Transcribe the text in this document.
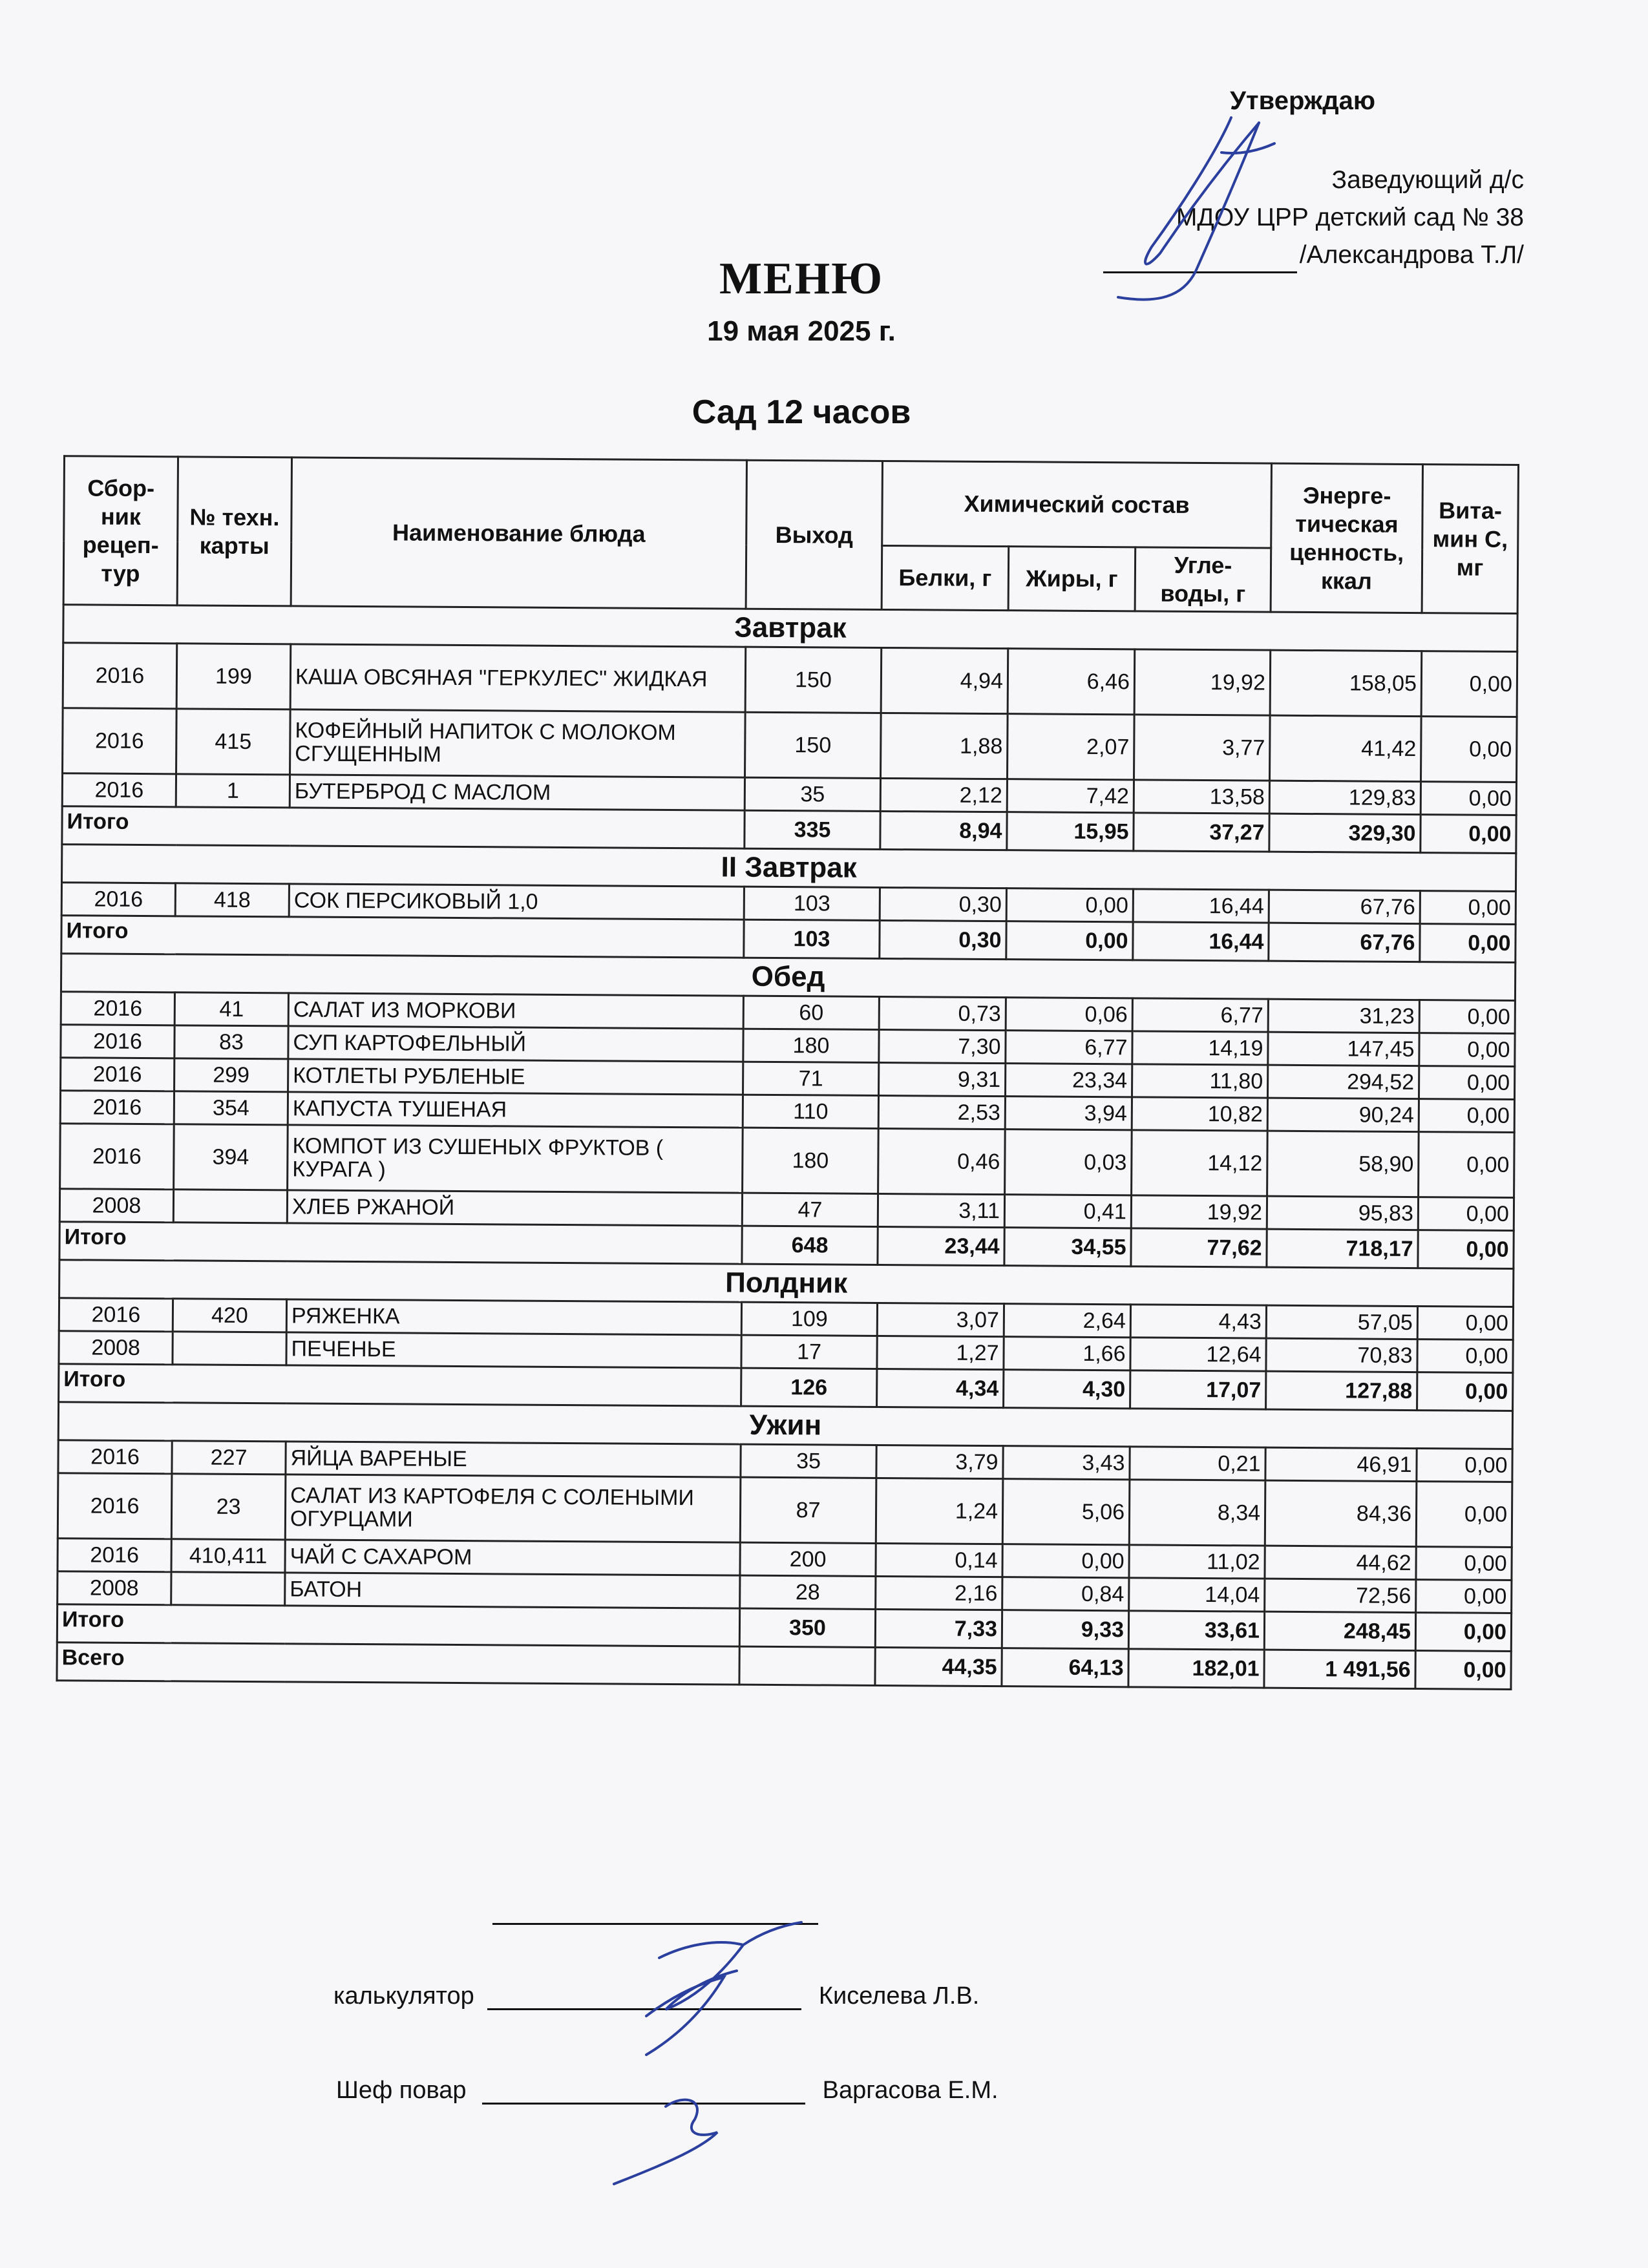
Утверждаю
Заведующий д/с
МДОУ ЦРР детский сад № 38
/Александрова Т.Л/
МЕНЮ
19 мая 2025 г.
Сад 12 часов
Сбор-ник рецеп-тур	№ техн. карты	Наименование блюда	Выход	Химический состав			Энерге-тическая ценность, ккал	Вита-мин С, мг
				Белки, г	Жиры, г	Угле-воды, г		
Завтрак								
2016	199	КАША ОВСЯНАЯ "ГЕРКУЛЕС" ЖИДКАЯ	150	4,94	6,46	19,92	158,05	0,00
2016	415	КОФЕЙНЫЙ НАПИТОК С МОЛОКОМ СГУЩЕННЫМ	150	1,88	2,07	3,77	41,42	0,00
2016	1	БУТЕРБРОД С МАСЛОМ	35	2,12	7,42	13,58	129,83	0,00
Итого			335	8,94	15,95	37,27	329,30	0,00
II Завтрак								
2016	418	СОК ПЕРСИКОВЫЙ 1,0	103	0,30	0,00	16,44	67,76	0,00
Итого			103	0,30	0,00	16,44	67,76	0,00
Обед								
2016	41	САЛАТ ИЗ МОРКОВИ	60	0,73	0,06	6,77	31,23	0,00
2016	83	СУП КАРТОФЕЛЬНЫЙ	180	7,30	6,77	14,19	147,45	0,00
2016	299	КОТЛЕТЫ РУБЛЕНЫЕ	71	9,31	23,34	11,80	294,52	0,00
2016	354	КАПУСТА ТУШЕНАЯ	110	2,53	3,94	10,82	90,24	0,00
2016	394	КОМПОТ ИЗ СУШЕНЫХ ФРУКТОВ ( КУРАГА )	180	0,46	0,03	14,12	58,90	0,00
2008		ХЛЕБ РЖАНОЙ	47	3,11	0,41	19,92	95,83	0,00
Итого			648	23,44	34,55	77,62	718,17	0,00
Полдник								
2016	420	РЯЖЕНКА	109	3,07	2,64	4,43	57,05	0,00
2008		ПЕЧЕНЬЕ	17	1,27	1,66	12,64	70,83	0,00
Итого			126	4,34	4,30	17,07	127,88	0,00
Ужин								
2016	227	ЯЙЦА ВАРЕНЫЕ	35	3,79	3,43	0,21	46,91	0,00
2016	23	САЛАТ ИЗ КАРТОФЕЛЯ С СОЛЕНЫМИ ОГУРЦАМИ	87	1,24	5,06	8,34	84,36	0,00
2016	410,411	ЧАЙ С САХАРОМ	200	0,14	0,00	11,02	44,62	0,00
2008		БАТОН	28	2,16	0,84	14,04	72,56	0,00
Итого			350	7,33	9,33	33,61	248,45	0,00
Всего				44,35	64,13	182,01	1 491,56	0,00
калькулятор	Киселева Л.В.
Шеф повар	Варгасова Е.М.
